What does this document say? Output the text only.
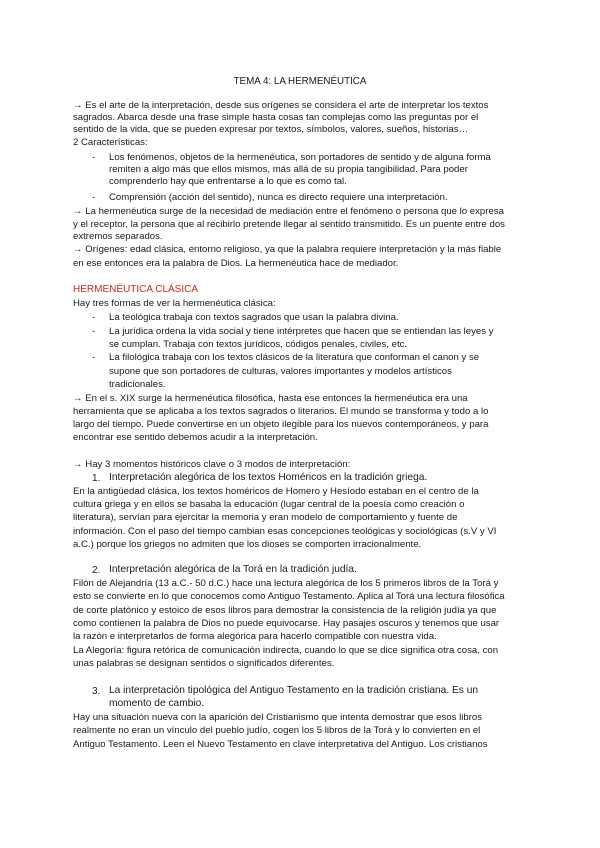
TEMA 4: LA HERMENÉUTICA
→ Es el arte de la interpretación, desde sus orígenes se considera el arte de interpretar los textos
sagrados. Abarca desde una frase simple hasta cosas tan complejas como las preguntas por el
sentido de la vida, que se pueden expresar por textos, símbolos, valores, sueños, historias…
2 Características:
- Los fenómenos, objetos de la hermenéutica, son portadores de sentido y de alguna forma
remiten a algo más que ellos mismos, más allá de su propia tangibilidad. Para poder
comprenderlo hay que enfrentarse a lo que es como tal.
- Comprensión (acción del sentido), nunca es directo requiere una interpretación.
→ La hermenéutica surge de la necesidad de mediación entre el fenómeno o persona que lo expresa
y el receptor, la persona que al recibirlo pretende llegar al sentido transmitido. Es un puente entre dos
extremos separados.
→ Orígenes: edad clásica, entorno religioso, ya que la palabra requiere interpretación y la más fiable
en ese entonces era la palabra de Dios. La hermenéutica hace de mediador.
HERMENÉUTICA CLÁSICA
Hay tres formas de ver la hermenéutica clásica:
- La teológica trabaja con textos sagrados que usan la palabra divina.
- La jurídica ordena la vida social y tiene intérpretes que hacen que se entiendan las leyes y
se cumplan. Trabaja con textos jurídicos, códigos penales, civiles, etc.
- La filológica trabaja con los textos clásicos de la literatura que conforman el canon y se
supone que son portadores de culturas, valores importantes y modelos artísticos
tradicionales.
→ En el s. XIX surge la hermenéutica filosófica, hasta ese entonces la hermenéutica era una
herramienta que se aplicaba a los textos sagrados o literarios. El mundo se transforma y todo a lo
largo del tiempo. Puede convertirse en un objeto ilegible para los nuevos contemporáneos, y para
encontrar ese sentido debemos acudir a la interpretación.
→ Hay 3 momentos históricos clave o 3 modos de interpretación:
1. Interpretación alegórica de los textos Homéricos en la tradición griega.
En la antigüedad clásica, los textos homéricos de Homero y Hesíodo estaban en el centro de la
cultura griega y en ellos se basaba la educación (lugar central de la poesía como creación o
literatura), servían para ejercitar la memoria y eran modelo de comportamiento y fuente de
información. Con el paso del tiempo cambian esas concepciones teológicas y sociológicas (s.V y VI
a.C.) porque los griegos no admiten que los dioses se comporten irracionalmente.
2. Interpretación alegórica de la Torá en la tradición judía.
Filón de Alejandría (13 a.C.- 50 d.C.) hace una lectura alegórica de los 5 primeros libros de la Torá y
esto se convierte en lo que conocemos como Antiguo Testamento. Aplica al Torá una lectura filosófica
de corte platónico y estoico de esos libros para demostrar la consistencia de la religión judía ya que
como contienen la palabra de Dios no puede equivocarse. Hay pasajes oscuros y tenemos que usar
la razón e interpretarlos de forma alegórica para hacerlo compatible con nuestra vida.
La Alegoría: figura retórica de comunicación indirecta, cuando lo que se dice significa otra cosa, con
unas palabras se designan sentidos o significados diferentes.
3. La interpretación tipológica del Antiguo Testamento en la tradición cristiana. Es un
momento de cambio.
Hay una situación nueva con la aparición del Cristianismo que intenta demostrar que esos libros
realmente no eran un vínculo del pueblo judío, cogen los 5 libros de la Torá y lo convierten en el
Antiguo Testamento. Leen el Nuevo Testamento en clave interpretativa del Antiguo. Los cristianos
